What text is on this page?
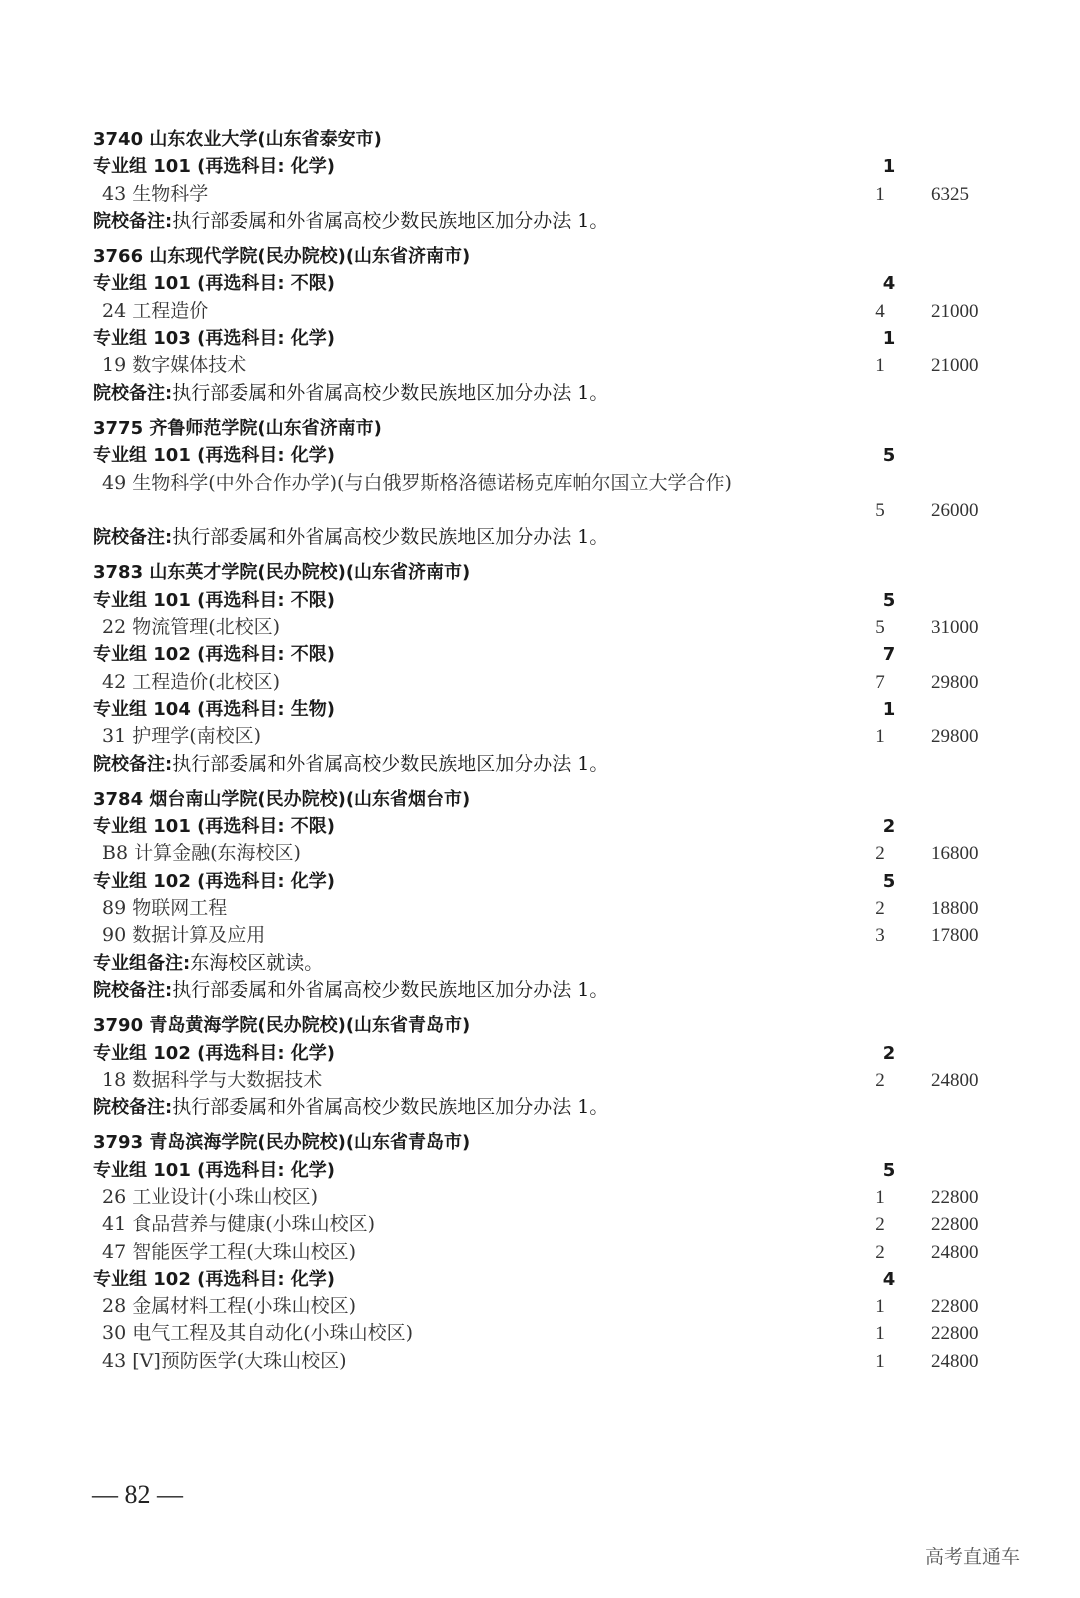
3740 山东农业大学(山东省泰安市)
专业组 101 (再选科目: 化学)	1
43 生物科学	1 6325
院校备注:执行部委属和外省属高校少数民族地区加分办法 1。
3766 山东现代学院(民办院校)(山东省济南市)
专业组 101 (再选科目: 不限)	4
24 工程造价	4 21000
专业组 103 (再选科目: 化学)	1
19 数字媒体技术	1 21000
院校备注:执行部委属和外省属高校少数民族地区加分办法 1。
3775 齐鲁师范学院(山东省济南市)
专业组 101 (再选科目: 化学)	5
49 生物科学(中外合作办学)(与白俄罗斯格洛德诺杨克库帕尔国立大学合作)
5 26000
院校备注:执行部委属和外省属高校少数民族地区加分办法 1。
3783 山东英才学院(民办院校)(山东省济南市)
专业组 101 (再选科目: 不限)	5
22 物流管理(北校区)	5 31000
专业组 102 (再选科目: 不限)	7
42 工程造价(北校区)	7 29800
专业组 104 (再选科目: 生物)	1
31 护理学(南校区)	1 29800
院校备注:执行部委属和外省属高校少数民族地区加分办法 1。
3784 烟台南山学院(民办院校)(山东省烟台市)
专业组 101 (再选科目: 不限)	2
B8 计算金融(东海校区)	2 16800
专业组 102 (再选科目: 化学)	5
89 物联网工程	2 18800
90 数据计算及应用	3 17800
专业组备注:东海校区就读。
院校备注:执行部委属和外省属高校少数民族地区加分办法 1。
3790 青岛黄海学院(民办院校)(山东省青岛市)
专业组 102 (再选科目: 化学)	2
18 数据科学与大数据技术	2 24800
院校备注:执行部委属和外省属高校少数民族地区加分办法 1。
3793 青岛滨海学院(民办院校)(山东省青岛市)
专业组 101 (再选科目: 化学)	5
26 工业设计(小珠山校区)	1 22800
41 食品营养与健康(小珠山校区)	2 22800
47 智能医学工程(大珠山校区)	2 24800
专业组 102 (再选科目: 化学)	4
28 金属材料工程(小珠山校区)	1 22800
30 电气工程及其自动化(小珠山校区)	1 22800
43 [V]预防医学(大珠山校区)	1 24800
— 82 —
高考直通车
